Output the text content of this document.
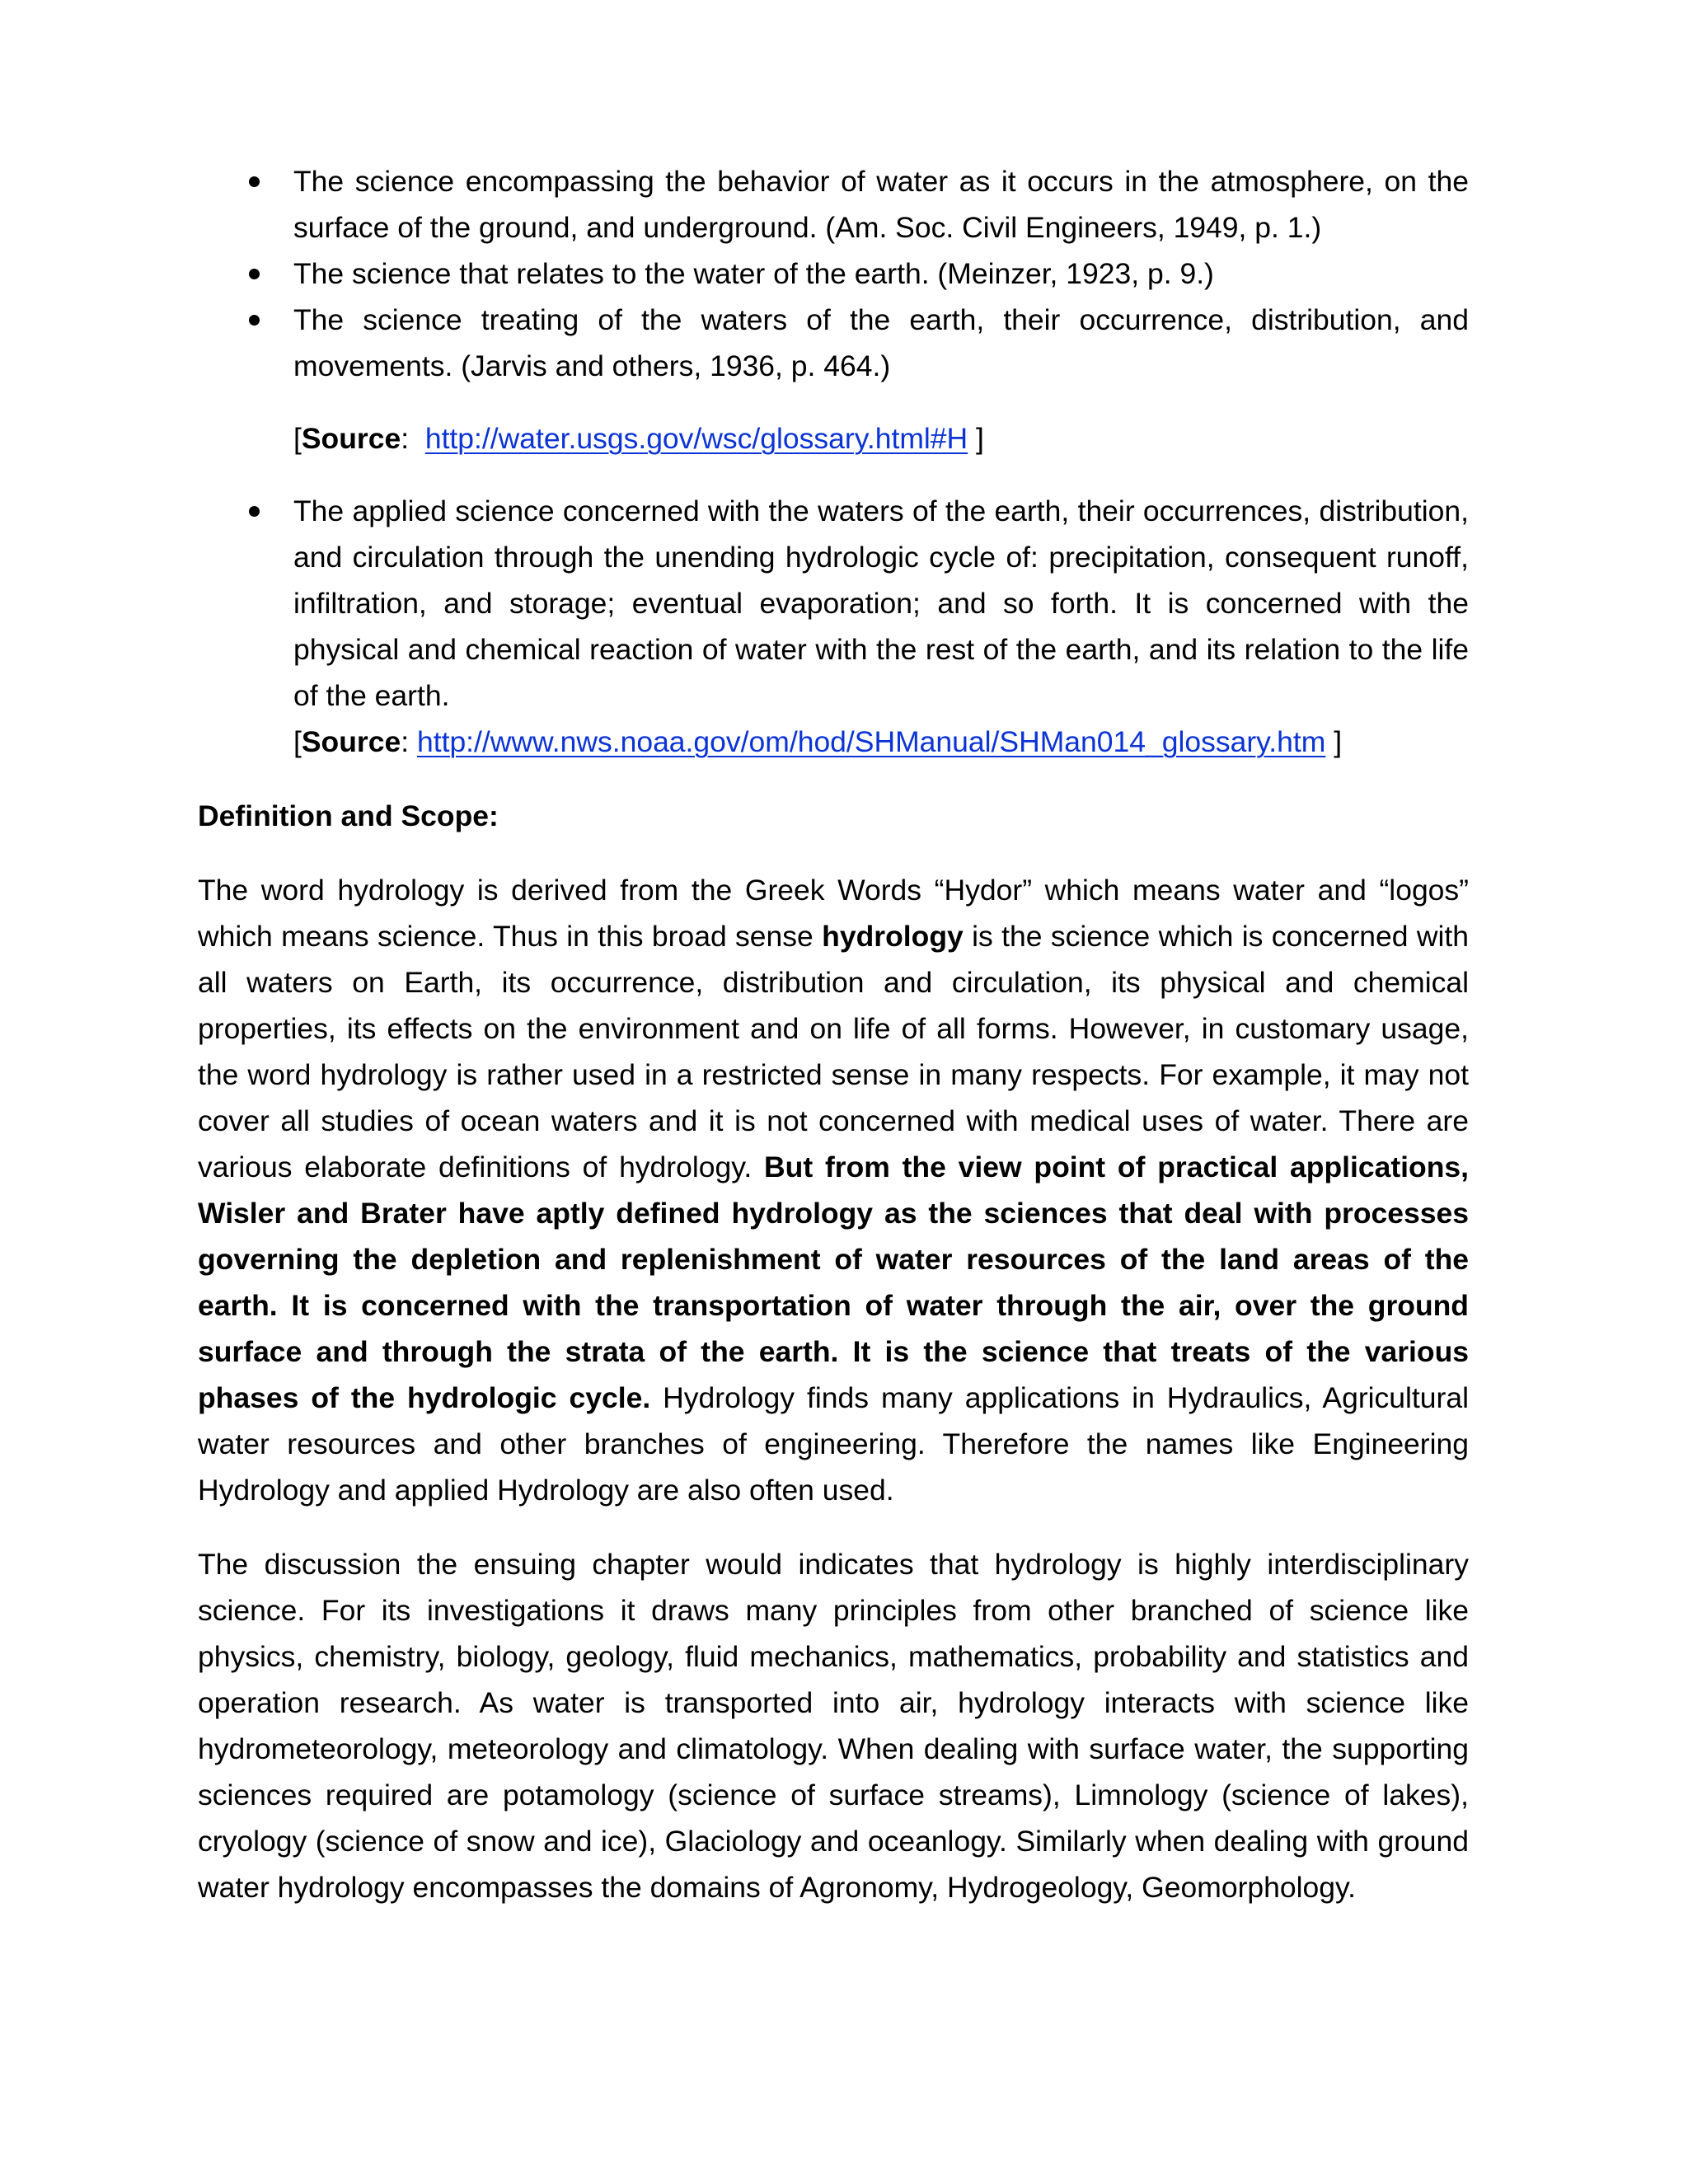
The science encompassing the behavior of water as it occurs in the atmosphere, on the surface of the ground, and underground. (Am. Soc. Civil Engineers, 1949, p. 1.)
The science that relates to the water of the earth. (Meinzer, 1923, p. 9.)
The science treating of the waters of the earth, their occurrence, distribution, and movements. (Jarvis and others, 1936, p. 464.)

[Source:  http://water.usgs.gov/wsc/glossary.html#H ]

The applied science concerned with the waters of the earth, their occurrences, distribution, and circulation through the unending hydrologic cycle of: precipitation, consequent runoff, infiltration, and storage; eventual evaporation; and so forth. It is concerned with the physical and chemical reaction of water with the rest of the earth, and its relation to the life of the earth.

[Source: http://www.nws.noaa.gov/om/hod/SHManual/SHMan014_glossary.htm ]

Definition and Scope:

The word hydrology is derived from the Greek Words “Hydor” which means water and “logos” which means science. Thus in this broad sense hydrology is the science which is concerned with all waters on Earth, its occurrence, distribution and circulation, its physical and chemical properties, its effects on the environment and on life of all forms. However, in customary usage, the word hydrology is rather used in a restricted sense in many respects. For example, it may not cover all studies of ocean waters and it is not concerned with medical uses of water. There are various elaborate definitions of hydrology. But from the view point of practical applications, Wisler and Brater have aptly defined hydrology as the sciences that deal with processes governing the depletion and replenishment of water resources of the land areas of the earth. It is concerned with the transportation of water through the air, over the ground surface and through the strata of the earth. It is the science that treats of the various phases of the hydrologic cycle. Hydrology finds many applications in Hydraulics, Agricultural water resources and other branches of engineering. Therefore the names like Engineering Hydrology and applied Hydrology are also often used.

The discussion the ensuing chapter would indicates that hydrology is highly interdisciplinary science. For its investigations it draws many principles from other branched of science like physics, chemistry, biology, geology, fluid mechanics, mathematics, probability and statistics and operation research. As water is transported into air, hydrology interacts with science like hydrometeorology, meteorology and climatology. When dealing with surface water, the supporting sciences required are potamology (science of surface streams), Limnology (science of lakes), cryology (science of snow and ice), Glaciology and oceanlogy. Similarly when dealing with ground water hydrology encompasses the domains of Agronomy, Hydrogeology, Geomorphology.
